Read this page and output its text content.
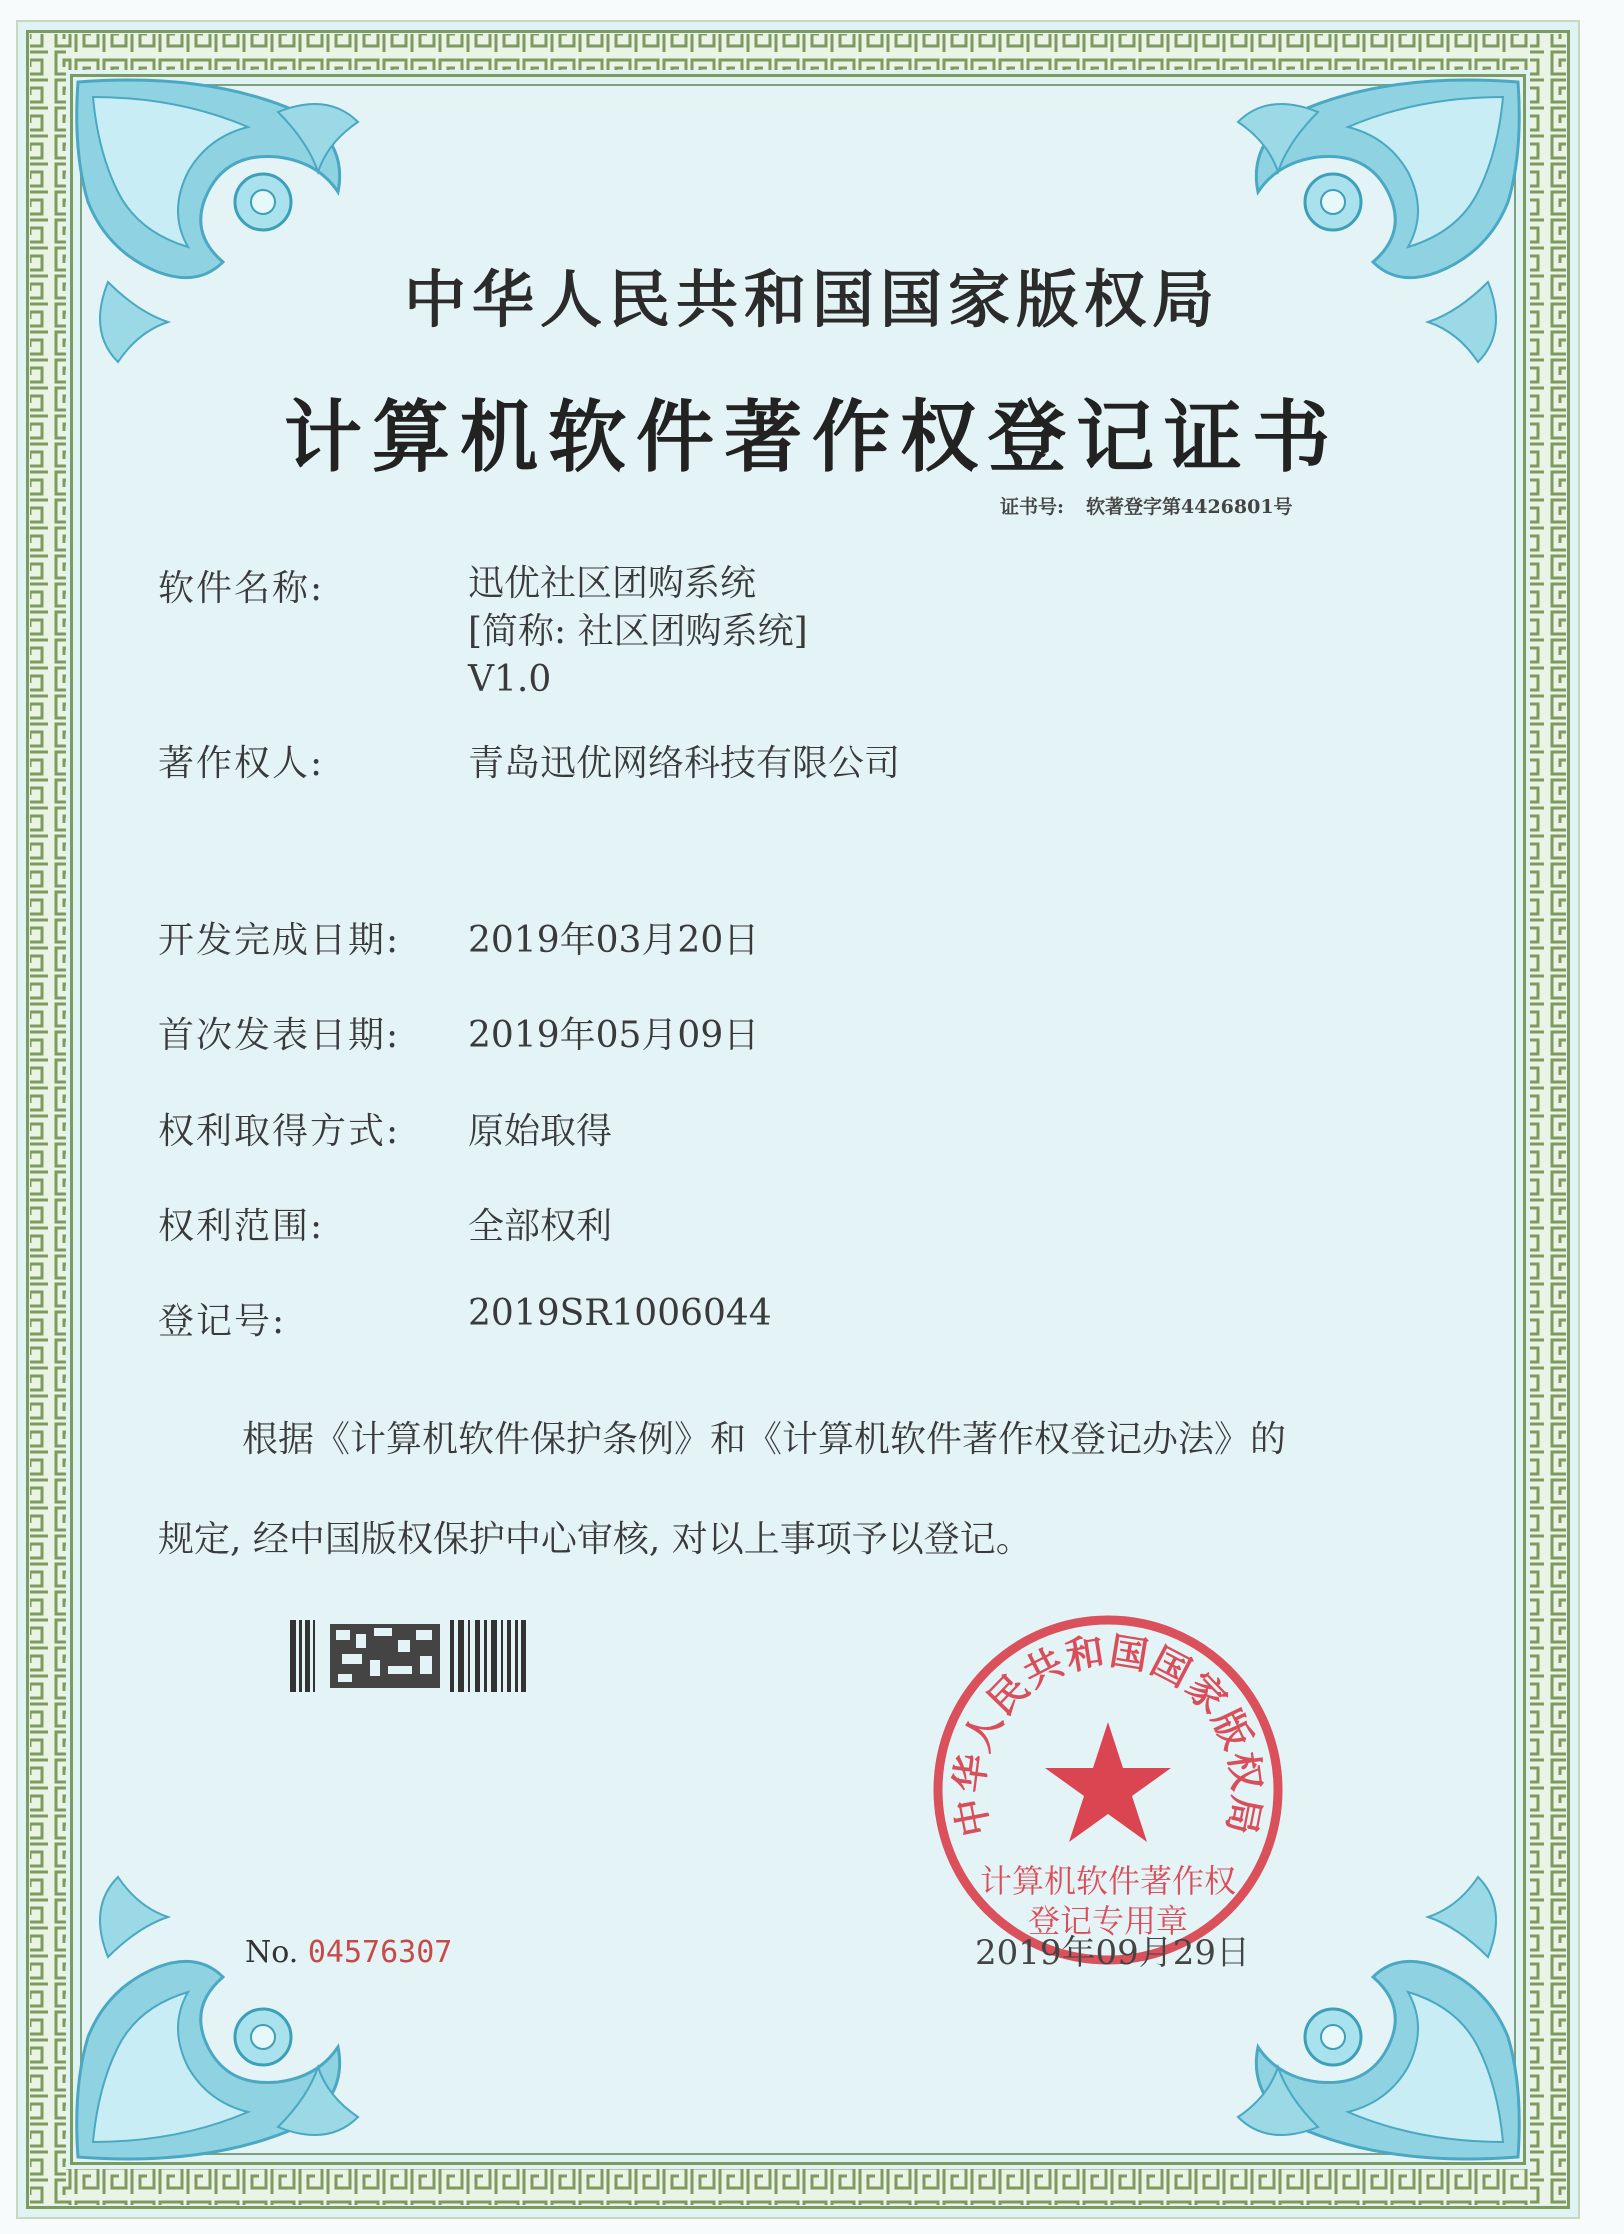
中华人民共和国国家版权局
计算机软件著作权登记证书
证书号: 软著登字第4426801号
软件名称:	迅优社区团购系统
[简称: 社区团购系统]
V1.0
著作权人:	青岛迅优网络科技有限公司
开发完成日期: 2019年03月20日
首次发表日期: 2019年05月09日
权利取得方式: 原始取得
权利范围:	全部权利
登记号:	2019SR1006044
根据《计算机软件保护条例》和《计算机软件著作权登记办法》的
规定, 经中国版权保护中心审核, 对以上事项予以登记。
No. 04576307
中华人民共和国国家版权局
计算机软件著作权
登记专用章
2019年09月29日
